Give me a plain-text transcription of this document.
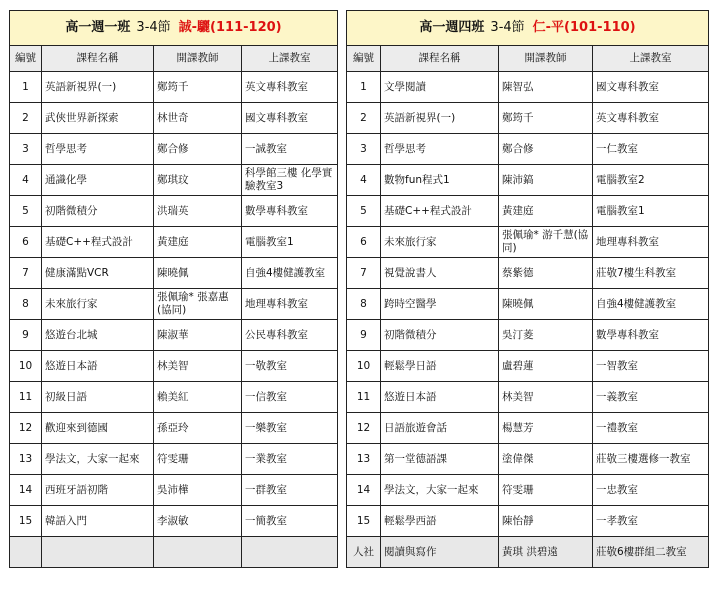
高一週一班 3-4節 誠-驪(111-120)			
編號	課程名稱	開課教師	上課教室
1	英語新視界(一)	鄭筠千	英文專科教室
2	武俠世界新探索	林世奇	國文專科教室
3	哲學思考	鄭合修	一誠教室
4	通識化學	鄭琪玟	科學館三樓 化學實驗教室3
5	初階微積分	洪瑞英	數學專科教室
6	基礎C++程式設計	黃建庭	電腦教室1
7	健康滿點VCR	陳曉佩	自強4樓健護教室
8	未來旅行家	張佩瑜* 張嘉惠(協同)	地理專科教室
9	悠遊台北城	陳淑華	公民專科教室
10	悠遊日本語	林美智	一敬教室
11	初級日語	賴美紅	一信教室
12	歡迎來到德國	孫亞玲	一樂教室
13	學法文，大家一起來	符雯珊	一業教室
14	西班牙語初階	吳沛樺	一群教室
15	韓語入門	李淑敏	一簡教室

高一週四班 3-4節 仁-平(101-110)			
編號	課程名稱	開課教師	上課教室
1	文學閱讀	陳智弘	國文專科教室
2	英語新視界(一)	鄭筠千	英文專科教室
3	哲學思考	鄭合修	一仁教室
4	數物fun程式1	陳沛鎬	電腦教室2
5	基礎C++程式設計	黃建庭	電腦教室1
6	未來旅行家	張佩瑜* 游千慧(協同)	地理專科教室
7	視覺說書人	蔡紫德	莊敬7樓生科教室
8	跨時空醫學	陳曉佩	自強4樓健護教室
9	初階微積分	吳汀菱	數學專科教室
10	輕鬆學日語	盧碧蓮	一智教室
11	悠遊日本語	林美智	一義教室
12	日語旅遊會話	楊慧芳	一禮教室
13	第一堂德語課	塗偉傑	莊敬三樓選修一教室
14	學法文，大家一起來	符雯珊	一忠教室
15	輕鬆學西語	陳怡靜	一孝教室
人社	閱讀與寫作	黃琪 洪碧遠	莊敬6樓群組二教室
